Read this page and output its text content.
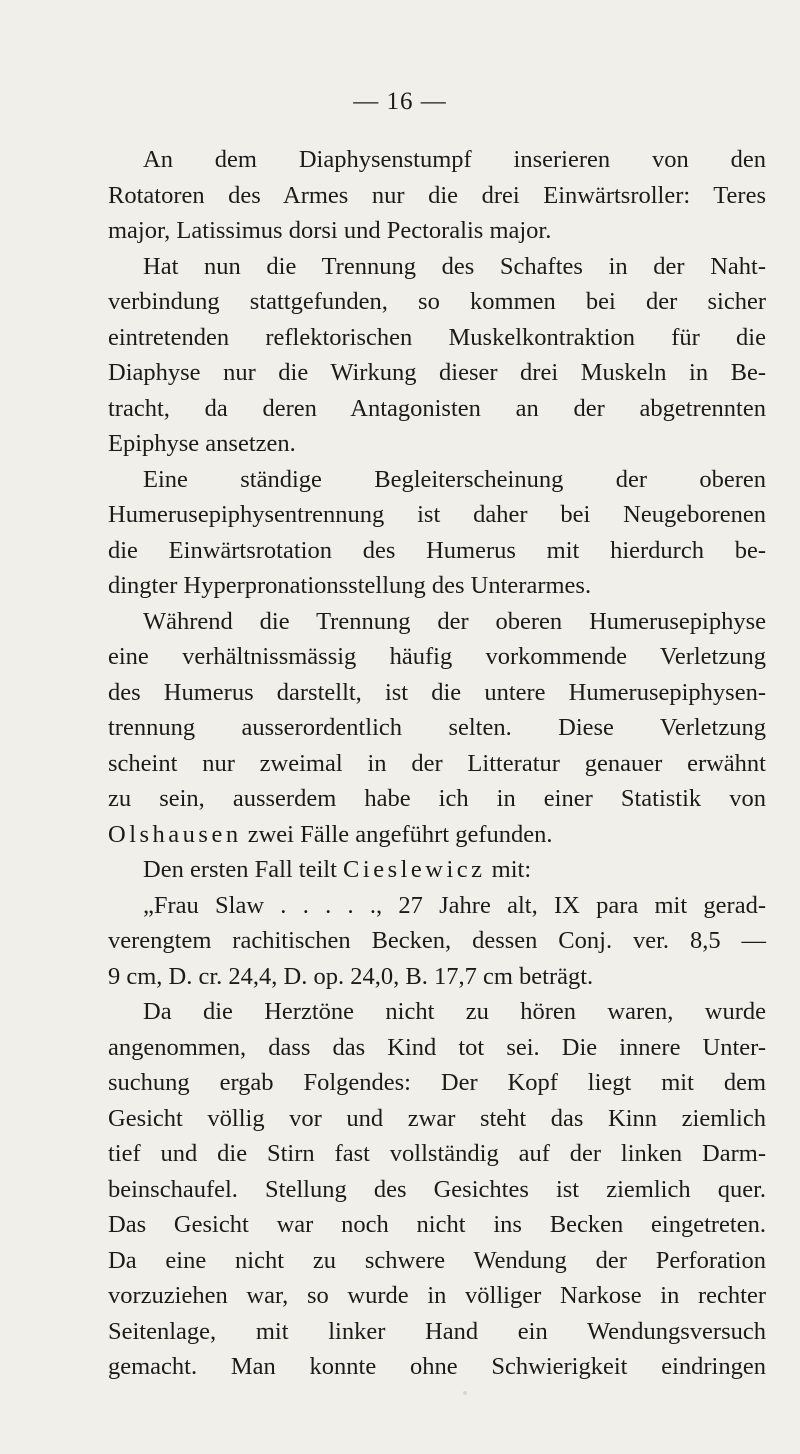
— 16 —
An dem Diaphysenstumpf inserieren von den
Rotatoren des Armes nur die drei Einwärtsroller: Teres
major, Latissimus dorsi und Pectoralis major.
Hat nun die Trennung des Schaftes in der Naht-
verbindung stattgefunden, so kommen bei der sicher
eintretenden reflektorischen Muskelkontraktion für die
Diaphyse nur die Wirkung dieser drei Muskeln in Be-
tracht, da deren Antagonisten an der abgetrennten
Epiphyse ansetzen.
Eine ständige Begleiterscheinung der oberen
Humerusepiphysentrennung ist daher bei Neugeborenen
die Einwärtsrotation des Humerus mit hierdurch be-
dingter Hyperpronationsstellung des Unterarmes.
Während die Trennung der oberen Humerusepiphyse
eine verhältnissmässig häufig vorkommende Verletzung
des Humerus darstellt, ist die untere Humerusepiphysen-
trennung ausserordentlich selten. Diese Verletzung
scheint nur zweimal in der Litteratur genauer erwähnt
zu sein, ausserdem habe ich in einer Statistik von
Olshausen zwei Fälle angeführt gefunden.
Den ersten Fall teilt Cieslewicz mit:
„Frau Slaw . . . . ., 27 Jahre alt, IX para mit gerad-
verengtem rachitischen Becken, dessen Conj. ver. 8,5 —
9 cm, D. cr. 24,4, D. op. 24,0, B. 17,7 cm beträgt.
Da die Herztöne nicht zu hören waren, wurde
angenommen, dass das Kind tot sei. Die innere Unter-
suchung ergab Folgendes: Der Kopf liegt mit dem
Gesicht völlig vor und zwar steht das Kinn ziemlich
tief und die Stirn fast vollständig auf der linken Darm-
beinschaufel. Stellung des Gesichtes ist ziemlich quer.
Das Gesicht war noch nicht ins Becken eingetreten.
Da eine nicht zu schwere Wendung der Perforation
vorzuziehen war, so wurde in völliger Narkose in rechter
Seitenlage, mit linker Hand ein Wendungsversuch
gemacht. Man konnte ohne Schwierigkeit eindringen
